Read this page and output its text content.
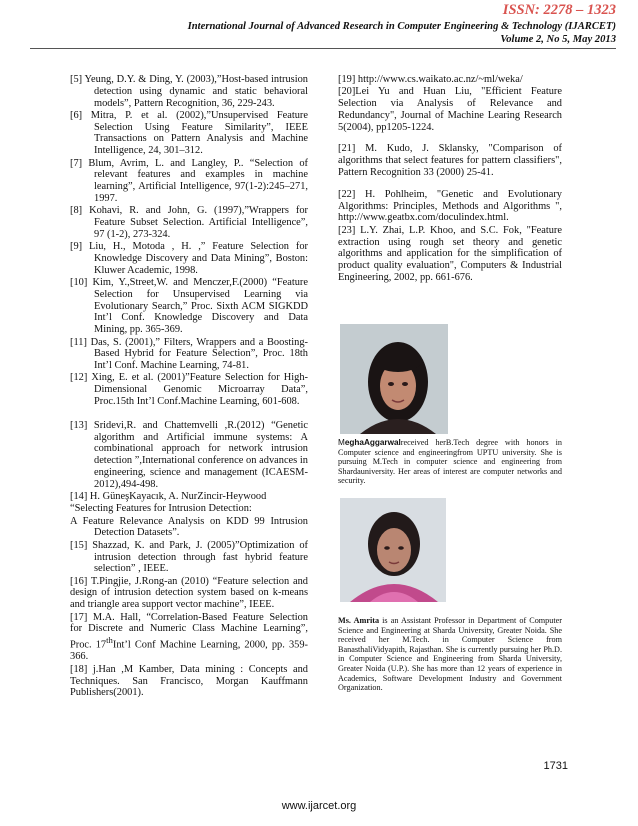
ISSN: 2278 – 1323
International Journal of Advanced Research in Computer Engineering & Technology (IJARCET)
Volume 2, No 5, May 2013
[5] Yeung, D.Y. & Ding, Y. (2003),”Host-based intrusion detection using dynamic and static behavioral models”, Pattern Recognition, 36, 229-243.
[6] Mitra, P. et al. (2002),”Unsupervised Feature Selection Using Feature Similarity”, IEEE Transactions on Pattern Analysis and Machine Intelligence, 24, 301–312.
[7] Blum, Avrim, L. and Langley, P.. “Selection of relevant features and examples in machine learning”, Artificial Intelligence, 97(1-2):245–271, 1997.
[8] Kohavi, R. and John, G. (1997),”Wrappers for Feature Subset Selection. Artificial Intelligence”, 97 (1-2), 273-324.
[9] Liu, H., Motoda , H. ,” Feature Selection for Knowledge Discovery and Data Mining”, Boston: Kluwer Academic, 1998.
[10] Kim, Y.,Street,W. and Menczer,F.(2000) “Feature Selection for Unsupervised Learning via Evolutionary Search,” Proc. Sixth ACM SIGKDD Int’l Conf. Knowledge Discovery and Data Mining, pp. 365-369.
[11] Das, S. (2001),” Filters, Wrappers and a Boosting-Based Hybrid for Feature Selection”, Proc. 18th Int’l Conf. Machine Learning, 74-81.
[12] Xing, E. et al. (2001)”Feature Selection for High-Dimensional Genomic Microarray Data”, Proc.15th Int’l Conf.Machine Learning, 601-608.
[13] Sridevi,R. and Chattemvelli ,R.(2012) “Genetic algorithm and Artificial immune systems: A combinational approach for network intrusion detection ”,International conference on advances in engineering, science and management (ICAESM-2012),494-498.
[14] H. GüneşKayacık, A. NurZincir-Heywood
“Selecting Features for Intrusion Detection:
A Feature Relevance Analysis on KDD 99 Intrusion Detection Datasets”.
[15] Shazzad, K. and Park, J. (2005)”Optimization of intrusion detection through fast hybrid feature selection” , IEEE.
[16] T.Pingjie, J.Rong-an (2010) “Feature selection and design of intrusion detection system based on k-means and triangle area support vector machine”, IEEE.
[17] M.A. Hall, “Correlation-Based Feature Selection for Discrete and Numeric Class Machine Learning”, Proc. 17thInt’l Conf Machine Learning, 2000, pp. 359-366.
[18] j.Han ,M Kamber, Data mining : Concepts and Techniques. San Francisco, Morgan Kauffmann Publishers(2001).
[19] http://www.cs.waikato.ac.nz/~ml/weka/
[20]Lei Yu and Huan Liu, "Efficient Feature Selection via Analysis of Relevance and Redundancy", Journal of Machine Learing Research 5(2004), pp1205-1224.
[21] M. Kudo, J. Sklansky, "Comparison of algorithms that select features for pattern classifiers", Pattern Recognition 33 (2000) 25-41.
[22] H. Pohlheim, "Genetic and Evolutionary Algorithms: Principles, Methods and Algorithms ", http://www.geatbx.com/doculindex.html.
[23] L.Y. Zhai, L.P. Khoo, and S.C. Fok, "Feature extraction using rough set theory and genetic algorithms and application for the simplification of product quality evaluation", Computers & Industrial Engineering, 2002, pp. 661-676.
MeghaAggarwalreceived herB.Tech degree with honors in Computer science and engineeringfrom UPTU university. She is pursuing M.Tech in computer science and engineering from Shardauniversity. Her areas of interest are computer networks and security.
Ms. Amrita is an Assistant Professor in Department of Computer Science and Engineering at Sharda University, Greater Noida. She received her M.Tech. in Computer Science from BanasthaliVidyapith, Rajasthan. She is currently pursuing her Ph.D. in Computer Science and Engineering from Sharda University, Greater Noida (U.P.). She has more than 12 years of experience in Academics, Software Development Industry and Government Organization.
1731
www.ijarcet.org
